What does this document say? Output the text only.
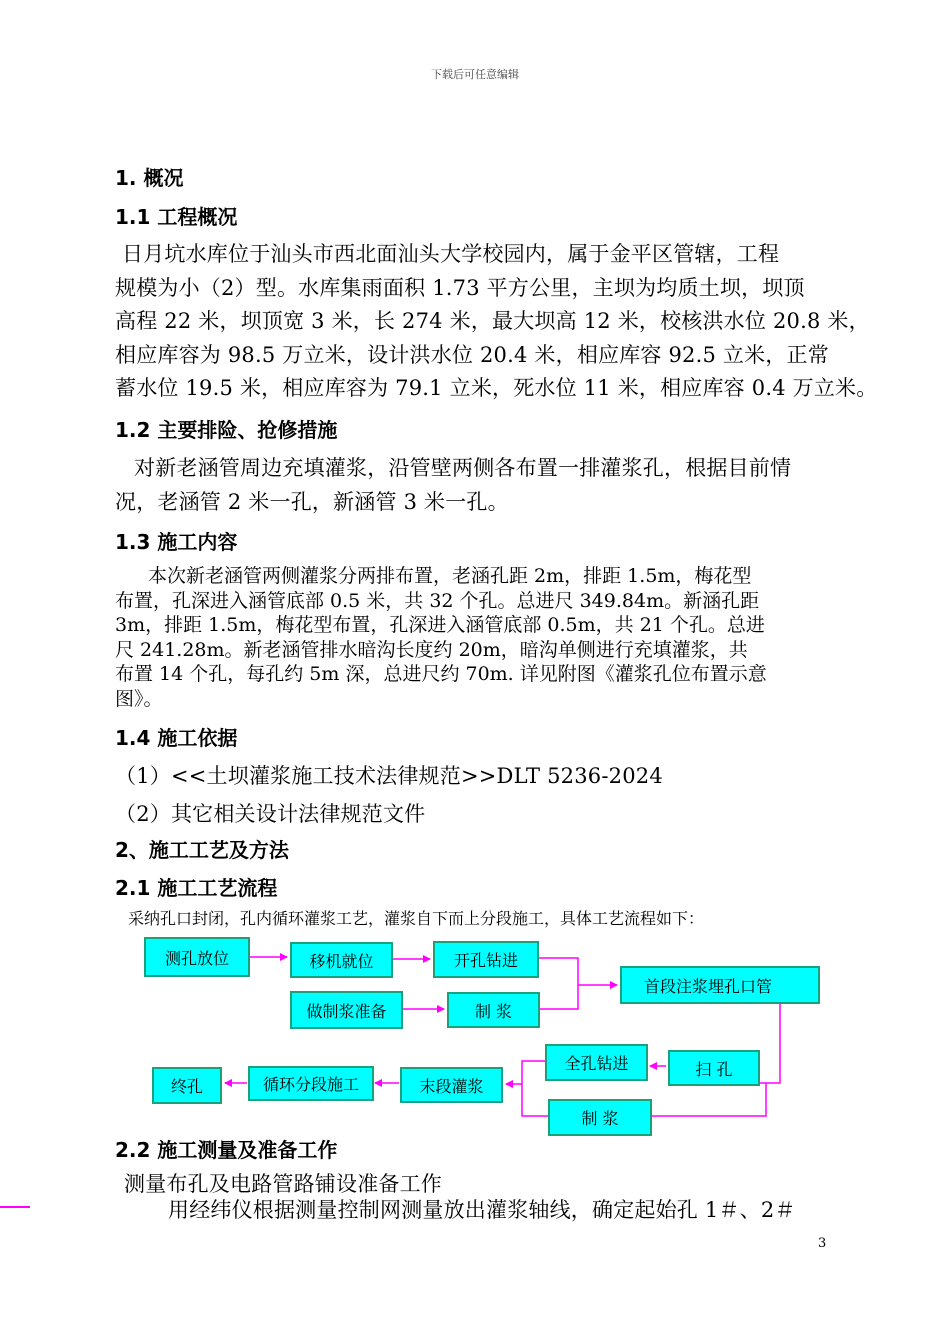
下载后可任意编辑
1. 概况
1.1 工程概况
日月坑水库位于汕头市西北面汕头大学校园内，属于金平区管辖，工程
规模为小（2）型。水库集雨面积 1.73 平方公里，主坝为均质土坝，坝顶
高程 22 米，坝顶宽 3 米，长 274 米，最大坝高 12 米，校核洪水位 20.8 米，
相应库容为 98.5 万立米，设计洪水位 20.4 米，相应库容 92.5 立米，正常
蓄水位 19.5 米，相应库容为 79.1 立米，死水位 11 米，相应库容 0.4 万立米。
1.2 主要排险、抢修措施
对新老涵管周边充填灌浆，沿管壁两侧各布置一排灌浆孔，根据目前情
况，老涵管 2 米一孔，新涵管 3 米一孔。
1.3 施工内容
本次新老涵管两侧灌浆分两排布置，老涵孔距 2m，排距 1.5m，梅花型
布置，孔深进入涵管底部 0.5 米，共 32 个孔。总进尺 349.84m。新涵孔距
3m，排距 1.5m，梅花型布置，孔深进入涵管底部 0.5m，共 21 个孔。总进
尺 241.28m。新老涵管排水暗沟长度约 20m，暗沟单侧进行充填灌浆，共
布置 14 个孔，每孔约 5m 深，总进尺约 70m. 详见附图《灌浆孔位布置示意
图》。
1.4 施工依据
（1）<<土坝灌浆施工技术法律规范>>DLT 5236-2024
（2）其它相关设计法律规范文件
2、施工工艺及方法
2.1 施工工艺流程
采纳孔口封闭，孔内循环灌浆工艺，灌浆自下而上分段施工，具体工艺流程如下：
测孔放位	移机就位	开孔钻进
做制浆准备	制 浆
首段注浆埋孔口管
扫 孔
全孔钻进
制 浆
末段灌浆
循环分段施工
终孔
2.2 施工测量及准备工作
测量布孔及电路管路铺设准备工作
用经纬仪根据测量控制网测量放出灌浆轴线，确定起始孔 1＃、2＃
3
